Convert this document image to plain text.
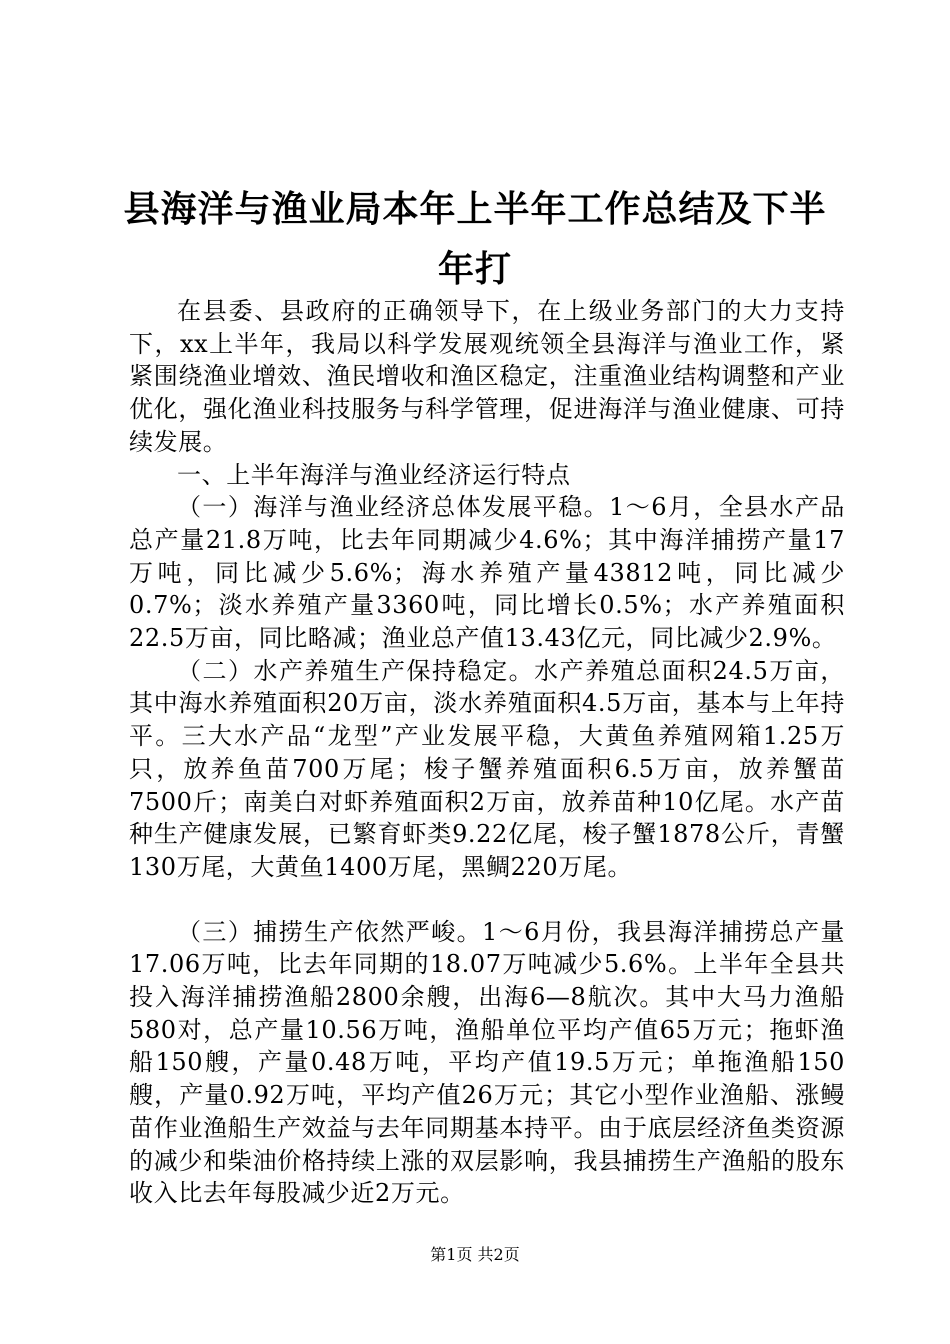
县海洋与渔业局本年上半年工作总结及下半年打

在县委、县政府的正确领导下，在上级业务部门的大力支持下，xx上半年，我局以科学发展观统领全县海洋与渔业工作，紧紧围绕渔业增效、渔民增收和渔区稳定，注重渔业结构调整和产业优化，强化渔业科技服务与科学管理，促进海洋与渔业健康、可持续发展。

一、上半年海洋与渔业经济运行特点

（一）海洋与渔业经济总体发展平稳。1～6月，全县水产品总产量21.8万吨，比去年同期减少4.6%；其中海洋捕捞产量17万吨，同比减少5.6%；海水养殖产量43812吨，同比减少0.7%；淡水养殖产量3360吨，同比增长0.5%；水产养殖面积22.5万亩，同比略减；渔业总产值13.43亿元，同比减少2.9%。

（二）水产养殖生产保持稳定。水产养殖总面积24.5万亩，其中海水养殖面积20万亩，淡水养殖面积4.5万亩，基本与上年持平。三大水产品“龙型”产业发展平稳，大黄鱼养殖网箱1.25万只，放养鱼苗700万尾；梭子蟹养殖面积6.5万亩，放养蟹苗7500斤；南美白对虾养殖面积2万亩，放养苗种10亿尾。水产苗种生产健康发展，已繁育虾类9.22亿尾，梭子蟹1878公斤，青蟹130万尾，大黄鱼1400万尾，黑鲷220万尾。

（三）捕捞生产依然严峻。1～6月份，我县海洋捕捞总产量17.06万吨，比去年同期的18.07万吨减少5.6%。上半年全县共投入海洋捕捞渔船2800余艘，出海6—8航次。其中大马力渔船580对，总产量10.56万吨，渔船单位平均产值65万元；拖虾渔船150艘，产量0.48万吨，平均产值19.5万元；单拖渔船150艘，产量0.92万吨，平均产值26万元；其它小型作业渔船、涨鳗苗作业渔船生产效益与去年同期基本持平。由于底层经济鱼类资源的减少和柴油价格持续上涨的双层影响，我县捕捞生产渔船的股东收入比去年每股减少近2万元。

第1页 共2页
